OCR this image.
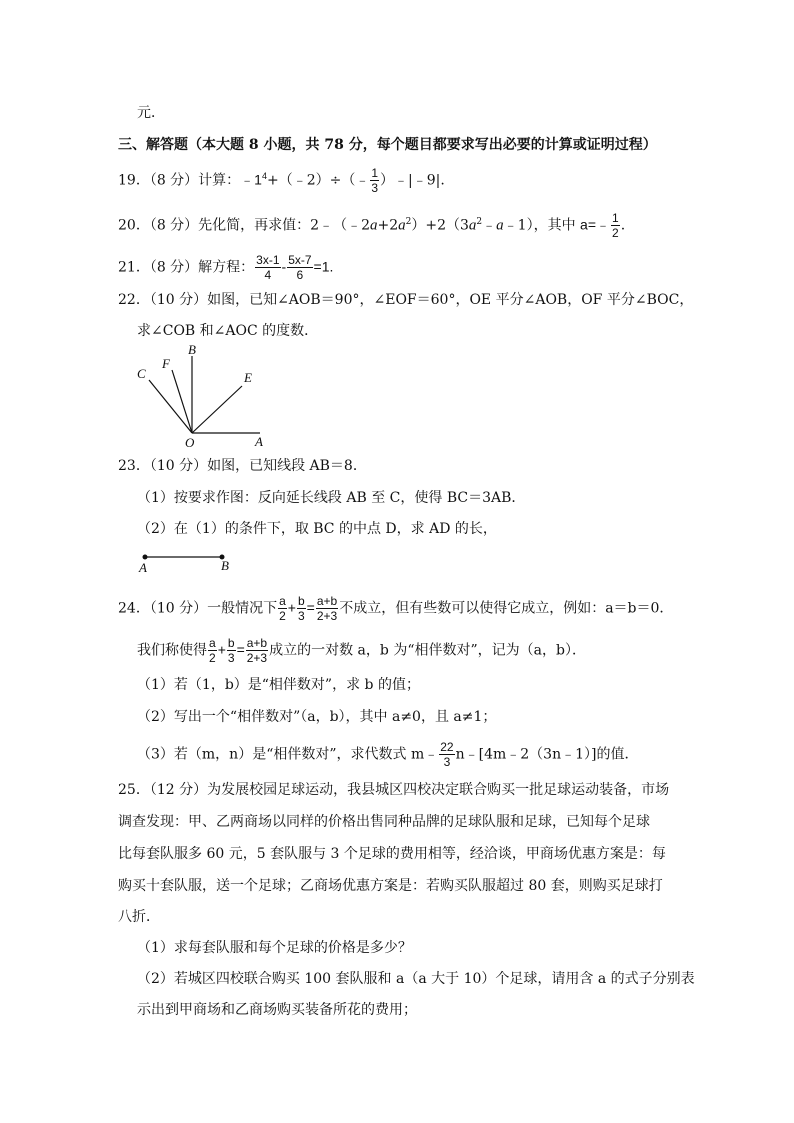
元．
三、解答题（本大题 8 小题，共 78 分，每个题目都要求写出必要的计算或证明过程）
19．（8 分）计算：$﹣1^4+(﹣2)\div(﹣ \frac{1}{3}$ ）﹣|﹣9|.
20．（8 分）先化简，再求值：$2﹣(﹣2a+2a^2)+2(3a^2﹣a﹣1)$，其中 a=﹣ $\frac{1}{2}$ .
21．（8 分）解方程： $\frac{3x-1}{4} - \frac{5x-7}{6} =1$.
22．（10 分）如图，已知∠AOB＝90°，∠EOF＝60°，OE 平分∠AOB，OF 平分∠BOC，
求∠COB 和∠AOC 的度数．
C
F
B
E
O	A
23．（10 分）如图，已知线段 AB＝8．
（1）按要求作图：反向延长线段 AB 至 C，使得 BC＝3AB．
（2）在（1）的条件下，取 BC 的中点 D，求 AD 的长，
A	B
24．（10 分）一般情况下 $\frac{a}{2} + \frac{b}{3} = \frac{a+b}{2+3}$ 不成立，但有些数可以使得它成立，例如：a＝b＝0．
我们称使得 $\frac{a}{2} + \frac{b}{3} = \frac{a+b}{2+3}$ 成立的一对数 a，b 为“相伴数对”，记为（a，b）．
（1）若（1，b）是“相伴数对”，求 b 的值；
（2）写出一个“相伴数对”（a，b），其中 a≠0，且 a≠1；
（3）若（m，n）是“相伴数对”，求代数式 m﹣ $\frac{22}{3}$ n﹣[4m﹣2（3n﹣1）]的值．
25．（12 分）为发展校园足球运动，我县城区四校决定联合购买一批足球运动装备，市场
调查发现：甲、乙两商场以同样的价格出售同种品牌的足球队服和足球，已知每个足球
比每套队服多 60 元，5 套队服与 3 个足球的费用相等，经洽谈，甲商场优惠方案是：每
购买十套队服，送一个足球；乙商场优惠方案是：若购买队服超过 80 套，则购买足球打
八折．
（1）求每套队服和每个足球的价格是多少？
（2）若城区四校联合购买 100 套队服和 a（a 大于 10）个足球，请用含 a 的式子分别表
示出到甲商场和乙商场购买装备所花的费用；
